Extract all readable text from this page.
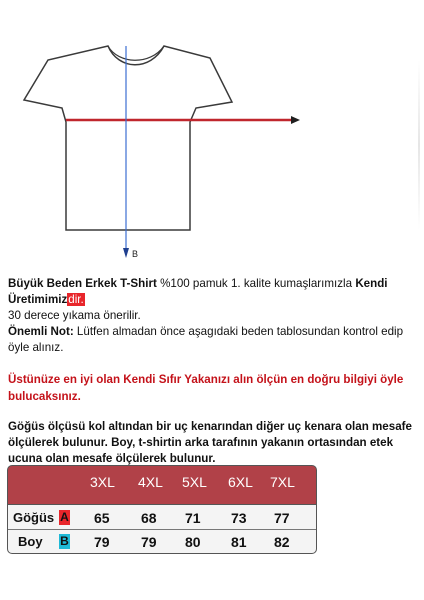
B

Büyük Beden Erkek T-Shirt %100 pamuk 1. kalite kumaşlarımızla Kendi Üretimimizdir.

30 derece yıkama önerilir.

Önemli Not: Lütfen almadan önce aşagıdaki beden tablosundan kontrol edip öyle alınız.

Üstünüze en iyi olan Kendi Sıfır Yakanızı alın ölçün en doğru bilgiyi öyle bulucaksınız.

Göğüs ölçüsü kol altından bir uç kenarından diğer uç kenara olan mesafe ölçülerek bulunur. Boy, t-shirtin arka tarafının yakanın ortasından etek ucuna olan mesafe ölçülerek bulunur.

3XL 4XL 5XL 6XL 7XL
Göğüs A 65 68 71 73 77
Boy B 79 79 80 81 82
